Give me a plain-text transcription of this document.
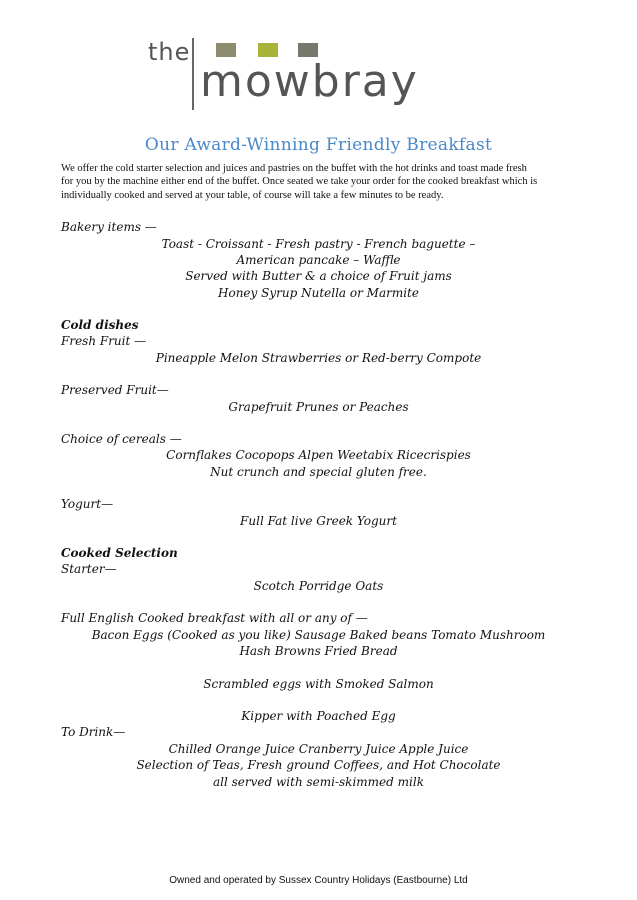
the
mowbray
Our Award-Winning Friendly Breakfast
We offer the cold starter selection and juices and pastries on the buffet with the hot drinks and toast made fresh
for you by the machine either end of the buffet. Once seated we take your order for the cooked breakfast which is
individually cooked and served at your table, of course will take a few minutes to be ready.
Bakery items —
Toast - Croissant - Fresh pastry - French baguette –
American pancake – Waffle
Served with Butter & a choice of Fruit jams
Honey Syrup Nutella or Marmite
Cold dishes
Fresh Fruit —
Pineapple Melon Strawberries or Red-berry Compote
Preserved Fruit—
Grapefruit Prunes or Peaches
Choice of cereals —
Cornflakes Cocopops Alpen Weetabix Ricecrispies
Nut crunch and special gluten free.
Yogurt—
Full Fat live Greek Yogurt
Cooked Selection
Starter—
Scotch Porridge Oats
Full English Cooked breakfast with all or any of —
Bacon Eggs (Cooked as you like) Sausage Baked beans Tomato Mushroom
Hash Browns Fried Bread
Scrambled eggs with Smoked Salmon
Kipper with Poached Egg
To Drink—
Chilled Orange Juice Cranberry Juice Apple Juice
Selection of Teas, Fresh ground Coffees, and Hot Chocolate
all served with semi-skimmed milk
Owned and operated by Sussex Country Holidays (Eastbourne) Ltd
